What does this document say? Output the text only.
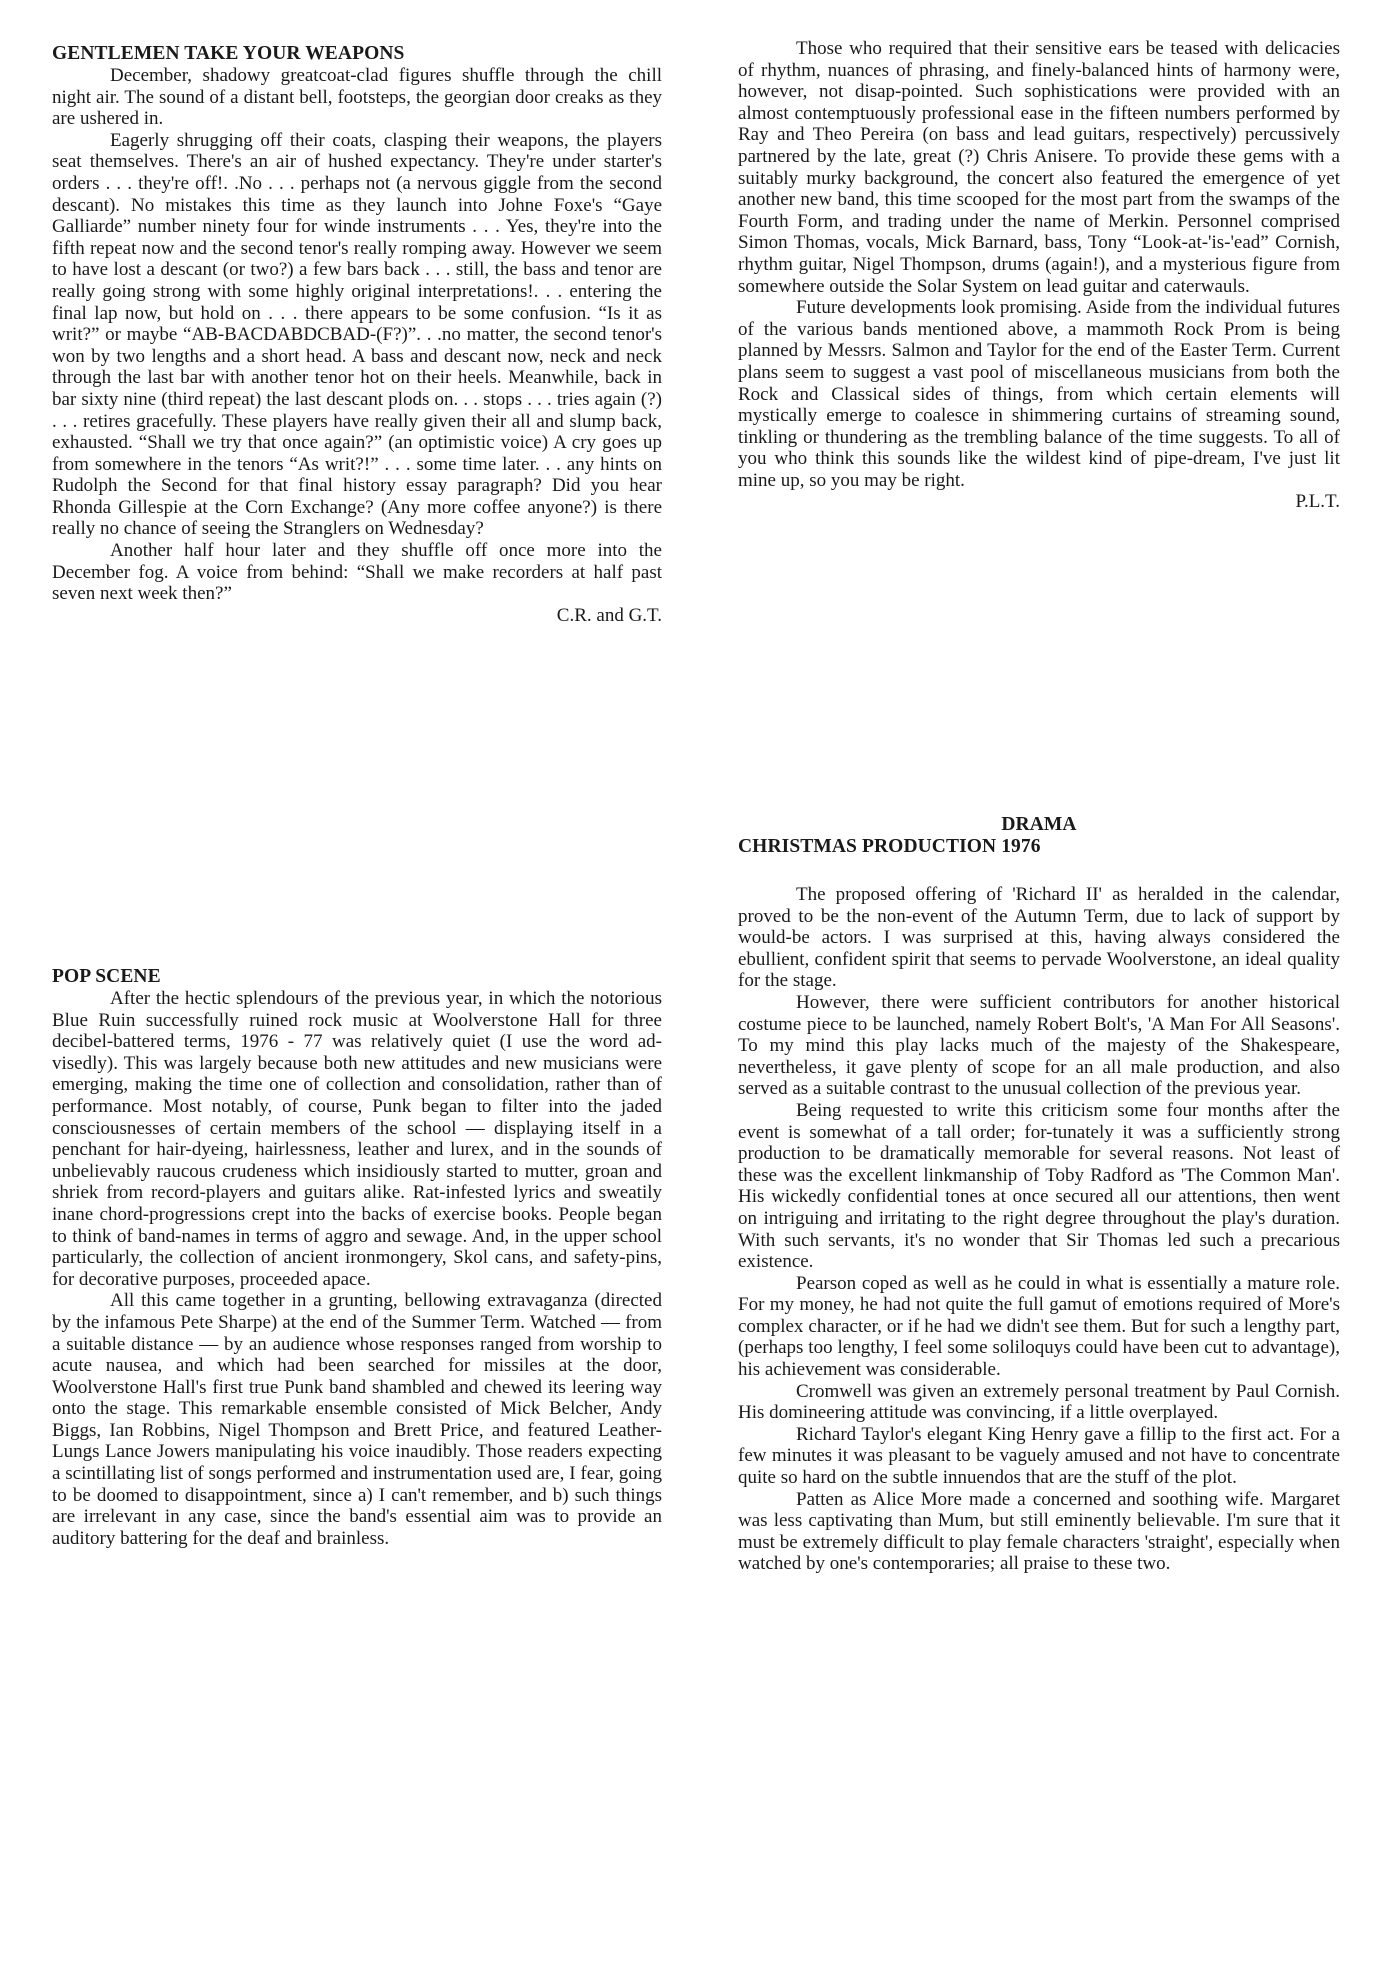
GENTLEMEN TAKE YOUR WEAPONS

December, shadowy greatcoat-clad figures shuffle through the chill night air. The sound of a distant bell, footsteps, the georgian door creaks as they are ushered in.

Eagerly shrugging off their coats, clasping their weapons, the players seat themselves. There's an air of hushed expectancy. They're under starter's orders . . . they're off!. .No . . . perhaps not (a nervous giggle from the second descant). No mistakes this time as they launch into Johne Foxe's “Gaye Galliarde” number ninety four for winde instruments . . . Yes, they're into the fifth repeat now and the second tenor's really romping away. However we seem to have lost a descant (or two?) a few bars back . . . still, the bass and tenor are really going strong with some highly original interpretations!. . . entering the final lap now, but hold on . . . there appears to be some confusion. “Is it as writ?” or maybe “AB-BACDABDCBAD-(F?)”. . .no matter, the second tenor's won by two lengths and a short head. A bass and descant now, neck and neck through the last bar with another tenor hot on their heels. Meanwhile, back in bar sixty nine (third repeat) the last descant plods on. . . stops . . . tries again (?) . . . retires gracefully. These players have really given their all and slump back, exhausted. “Shall we try that once again?” (an optimistic voice) A cry goes up from somewhere in the tenors “As writ?!” . . . some time later. . . any hints on Rudolph the Second for that final history essay paragraph? Did you hear Rhonda Gillespie at the Corn Exchange? (Any more coffee anyone?) is there really no chance of seeing the Stranglers on Wednesday?

Another half hour later and they shuffle off once more into the December fog. A voice from behind: “Shall we make recorders at half past seven next week then?”

C.R. and G.T.
POP SCENE

After the hectic splendours of the previous year, in which the notorious Blue Ruin successfully ruined rock music at Woolverstone Hall for three decibel-battered terms, 1976 - 77 was relatively quiet (I use the word ad-visedly). This was largely because both new attitudes and new musicians were emerging, making the time one of collection and consolidation, rather than of performance. Most notably, of course, Punk began to filter into the jaded consciousnesses of certain members of the school — displaying itself in a penchant for hair-dyeing, hairlessness, leather and lurex, and in the sounds of unbelievably raucous crudeness which insidiously started to mutter, groan and shriek from record-players and guitars alike. Rat-infested lyrics and sweatily inane chord-progressions crept into the backs of exercise books. People began to think of band-names in terms of aggro and sewage. And, in the upper school particularly, the collection of ancient ironmongery, Skol cans, and safety-pins, for decorative purposes, proceeded apace.

All this came together in a grunting, bellowing extravaganza (directed by the infamous Pete Sharpe) at the end of the Summer Term. Watched — from a suitable distance — by an audience whose responses ranged from worship to acute nausea, and which had been searched for missiles at the door, Woolverstone Hall's first true Punk band shambled and chewed its leering way onto the stage. This remarkable ensemble consisted of Mick Belcher, Andy Biggs, Ian Robbins, Nigel Thompson and Brett Price, and featured Leather-Lungs Lance Jowers manipulating his voice inaudibly. Those readers expecting a scintillating list of songs performed and instrumentation used are, I fear, going to be doomed to disappointment, since a) I can't remember, and b) such things are irrelevant in any case, since the band's essential aim was to provide an auditory battering for the deaf and brainless.

Those who required that their sensitive ears be teased with delicacies of rhythm, nuances of phrasing, and finely-balanced hints of harmony were, however, not disap-pointed. Such sophistications were provided with an almost contemptuously professional ease in the fifteen numbers performed by Ray and Theo Pereira (on bass and lead guitars, respectively) percussively partnered by the late, great (?) Chris Anisere. To provide these gems with a suitably murky background, the concert also featured the emergence of yet another new band, this time scooped for the most part from the swamps of the Fourth Form, and trading under the name of Merkin. Personnel comprised Simon Thomas, vocals, Mick Barnard, bass, Tony “Look-at-'is-'ead” Cornish, rhythm guitar, Nigel Thompson, drums (again!), and a mysterious figure from somewhere outside the Solar System on lead guitar and caterwauls.

Future developments look promising. Aside from the individual futures of the various bands mentioned above, a mammoth Rock Prom is being planned by Messrs. Salmon and Taylor for the end of the Easter Term. Current plans seem to suggest a vast pool of miscellaneous musicians from both the Rock and Classical sides of things, from which certain elements will mystically emerge to coalesce in shimmering curtains of streaming sound, tinkling or thundering as the trembling balance of the time suggests. To all of you who think this sounds like the wildest kind of pipe-dream, I've just lit mine up, so you may be right.

P.L.T.
DRAMA
CHRISTMAS PRODUCTION 1976

The proposed offering of 'Richard II' as heralded in the calendar, proved to be the non-event of the Autumn Term, due to lack of support by would-be actors. I was surprised at this, having always considered the ebullient, confident spirit that seems to pervade Woolverstone, an ideal quality for the stage.

However, there were sufficient contributors for another historical costume piece to be launched, namely Robert Bolt's, 'A Man For All Seasons'. To my mind this play lacks much of the majesty of the Shakespeare, nevertheless, it gave plenty of scope for an all male production, and also served as a suitable contrast to the unusual collection of the previous year.

Being requested to write this criticism some four months after the event is somewhat of a tall order; for-tunately it was a sufficiently strong production to be dramatically memorable for several reasons. Not least of these was the excellent linkmanship of Toby Radford as 'The Common Man'. His wickedly confidential tones at once secured all our attentions, then went on intriguing and irritating to the right degree throughout the play's duration. With such servants, it's no wonder that Sir Thomas led such a precarious existence.

Pearson coped as well as he could in what is essentially a mature role. For my money, he had not quite the full gamut of emotions required of More's complex character, or if he had we didn't see them. But for such a lengthy part, (perhaps too lengthy, I feel some soliloquys could have been cut to advantage), his achievement was considerable.

Cromwell was given an extremely personal treatment by Paul Cornish. His domineering attitude was convincing, if a little overplayed.

Richard Taylor's elegant King Henry gave a fillip to the first act. For a few minutes it was pleasant to be vaguely amused and not have to concentrate quite so hard on the subtle innuendos that are the stuff of the plot.

Patten as Alice More made a concerned and soothing wife. Margaret was less captivating than Mum, but still eminently believable. I'm sure that it must be extremely difficult to play female characters 'straight', especially when watched by one's contemporaries; all praise to these two.
